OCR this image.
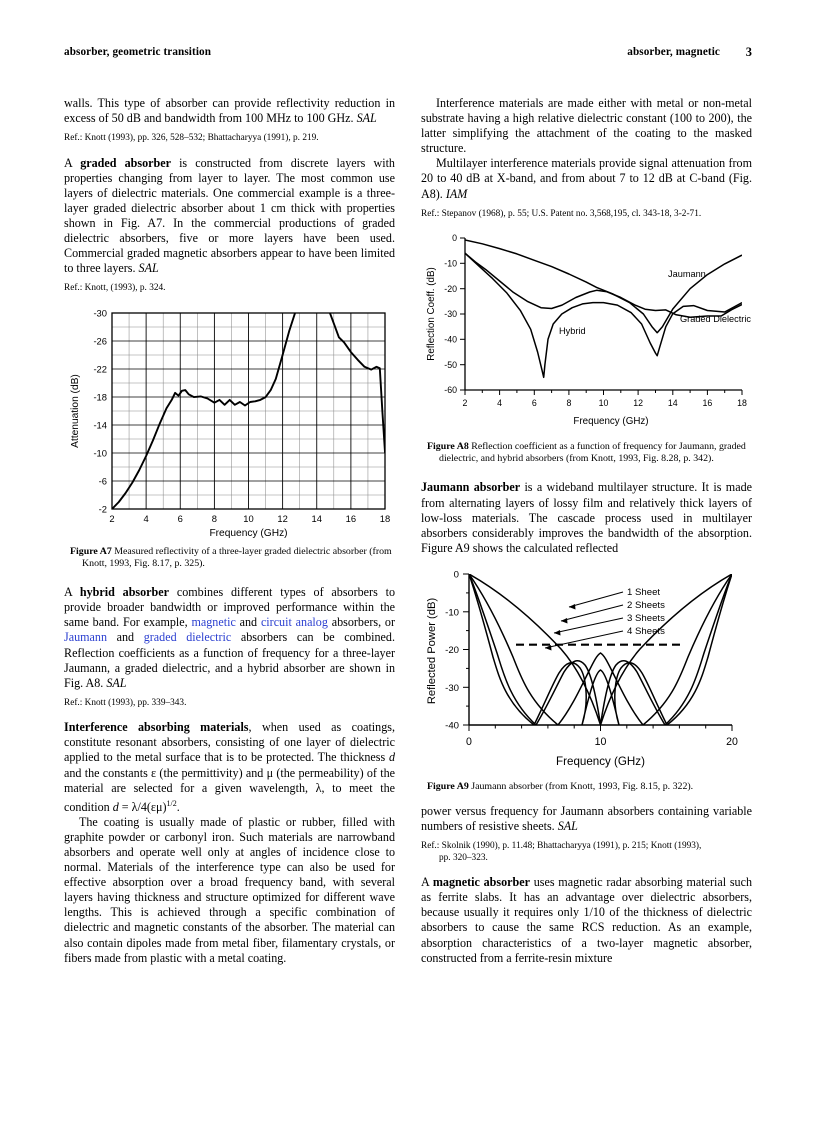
absorber, geometric transition	absorber, magnetic 3

walls. This type of absorber can provide reflectivity reduction in excess of 50 dB and bandwidth from 100 MHz to 100 GHz. SAL

Ref.: Knott (1993), pp. 326, 528–532; Bhattacharyya (1991), p. 219.

A graded absorber is constructed from discrete layers with properties changing from layer to layer. The most common use layers of dielectric materials. One commercial example is a three-layer graded dielectric absorber about 1 cm thick with properties shown in Fig. A7. In the commercial productions of graded dielectric absorbers, five or more layers have been used. Commercial graded magnetic absorbers appear to have been limited to three layers. SAL

Ref.: Knott, (1993), p. 324.

-30
-26
-22
-18
-14
-10
-6
-2
2	4	6	8	10	12	14	16	18
Frequency (GHz)
Attenuation (dB)

Figure A7 Measured reflectivity of a three-layer graded dielectric absorber (from Knott, 1993, Fig. 8.17, p. 325).

A hybrid absorber combines different types of absorbers to provide broader bandwidth or improved performance within the same band. For example, magnetic and circuit analog absorbers, or Jaumann and graded dielectric absorbers can be combined. Reflection coefficients as a function of frequency for a three-layer Jaumann, a graded dielectric, and a hybrid absorber are shown in Fig. A8. SAL

Ref.: Knott (1993), pp. 339–343.

Interference absorbing materials, when used as coatings, constitute resonant absorbers, consisting of one layer of dielectric applied to the metal surface that is to be protected. The thickness d and the constants ε (the permittivity) and μ (the permeability) of the material are selected for a given wavelength, λ, to meet the condition $d = \lambda/4(\varepsilon\mu)^{1/2}$.

The coating is usually made of plastic or rubber, filled with graphite powder or carbonyl iron. Such materials are narrowband absorbers and operate well only at angles of incidence close to normal. Materials of the interference type can also be used for effective absorption over a broad frequency band, with several layers having thickness and structure optimized for different wave lengths. This is achieved through a specific combination of dielectric and magnetic constants of the absorber. The material can also contain dipoles made from metal fiber, filamentary crystals, or fibers made from plastic with a metal coating.

Interference materials are made either with metal or non-metal substrate having a high relative dielectric constant (100 to 200), the latter simplifying the attachment of the coating to the masked structure.

Multilayer interference materials provide signal attenuation from 20 to 40 dB at X-band, and from about 7 to 12 dB at C-band (Fig. A8). IAM

Ref.: Stepanov (1968), p. 55; U.S. Patent no. 3,568,195, cl. 343-18, 3-2-71.

Jaumann
Hybrid
Graded Dielectric
0
-10
-20
-30
-40
-50
-60
2	4	6	8	10	12	14	16	18
Frequency (GHz)
Reflection Coeff. (dB)

Figure A8 Reflection coefficient as a function of frequency for Jaumann, graded dielectric, and hybrid absorbers (from Knott, 1993, Fig. 8.28, p. 342).

Jaumann absorber is a wideband multilayer structure. It is made from alternating layers of lossy film and relatively thick layers of low-loss materials. The cascade process used in multilayer absorbers considerably improves the bandwidth of the absorption. Figure A9 shows the calculated reflected

1 Sheet
2 Sheets
3 Sheets
4 Sheets
0
-10
-20
-30
-40
0	10	20
Frequency (GHz)
Reflected Power (dB)

Figure A9 Jaumann absorber (from Knott, 1993, Fig. 8.15, p. 322).

power versus frequency for Jaumann absorbers containing variable numbers of resistive sheets. SAL

Ref.: Skolnik (1990), p. 11.48; Bhattacharyya (1991), p. 215; Knott (1993),
pp. 320–323.

A magnetic absorber uses magnetic radar absorbing material such as ferrite slabs. It has an advantage over dielectric absorbers, because usually it requires only 1/10 of the thickness of dielectric absorbers to cause the same RCS reduction. As an example, absorption characteristics of a two-layer magnetic absorber, constructed from a ferrite-resin mixture
